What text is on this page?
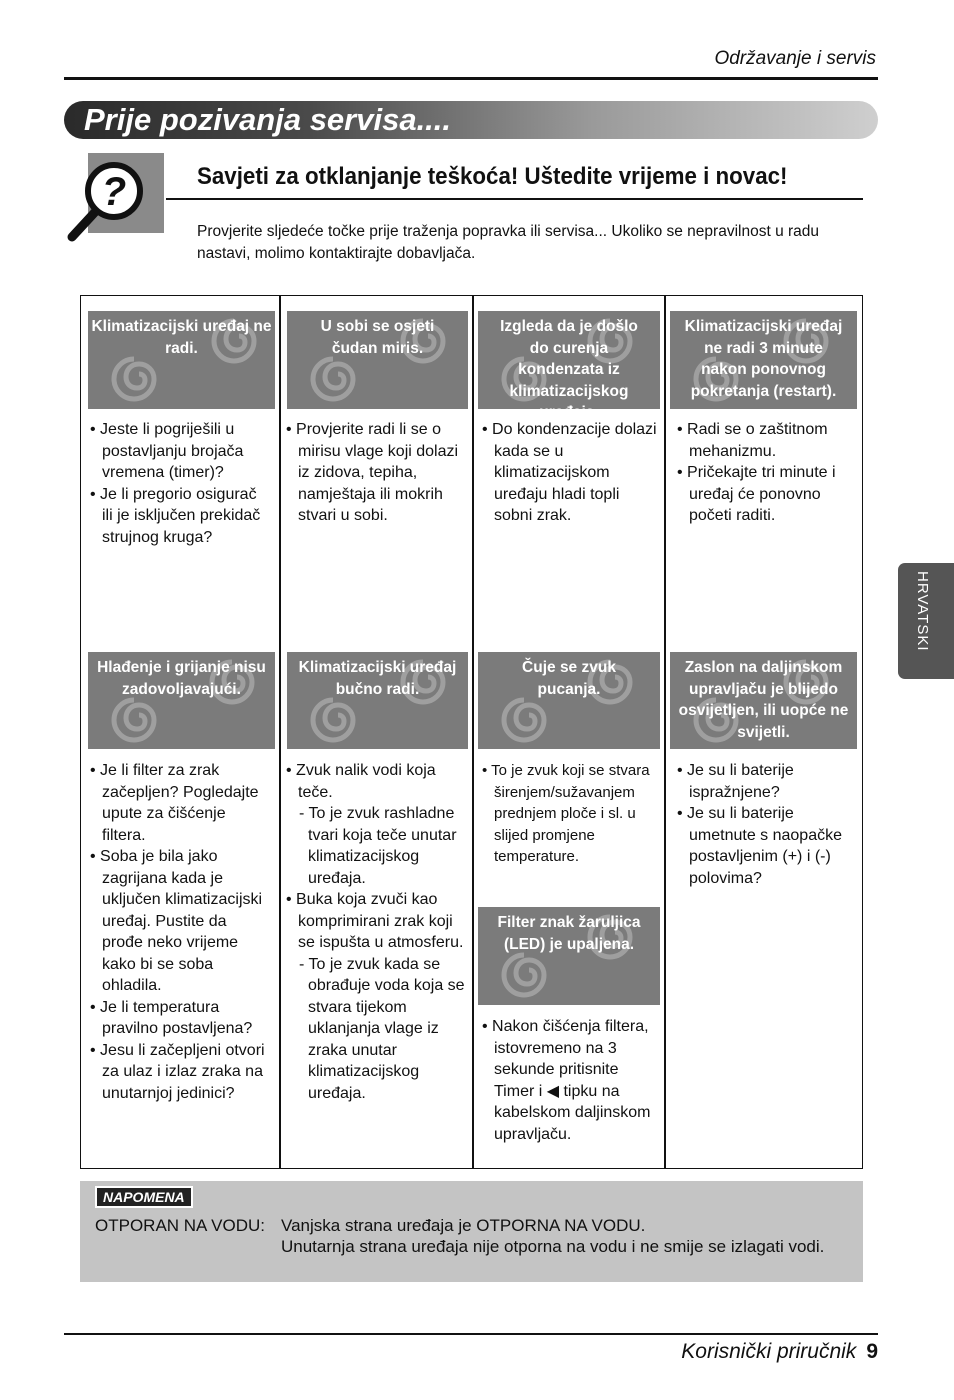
Održavanje i servis
Prije pozivanja servisa....
?	Savjeti za otklanjanje teškoća! Uštedite vrijeme i novac!
Provjerite sljedeće točke prije traženja popravka ili servisa... Ukoliko se nepravilnost u radu nastavi, molimo kontaktirajte dobavljača.
Klimatizacijski uređaj ne radi.
U sobi se osjeti čudan miris.
Izgleda da je došlo do curenja kondenzata iz klimatizacijskog uređaja.
Klimatizacijski uređaj ne radi 3 minute nakon ponovnog pokretanja (restart).
• Jeste li pogriješili u postavljanju brojača vremena (timer)?
• Je li pregorio osigurač ili je isključen prekidač strujnog kruga?
• Provjerite radi li se o mirisu vlage koji dolazi iz zidova, tepiha, namještaja ili mokrih stvari u sobi.
• Do kondenzacije dolazi kada se u klimatizacijskom uređaju hladi topli sobni zrak.
• Radi se o zaštitnom mehanizmu.
• Pričekajte tri minute i uređaj će ponovno početi raditi.
Hlađenje i grijanje nisu zadovoljavajući.
Klimatizacijski uređaj bučno radi.
Čuje se zvuk pucanja.
Zaslon na daljinskom upravljaču je blijedo osvijetljen, ili uopće ne svijetli.
• Je li filter za zrak začepljen? Pogledajte upute za čišćenje filtera.
• Soba je bila jako zagrijana kada je uključen klimatizacijski uređaj. Pustite da prođe neko vrijeme kako bi se soba ohladila.
• Je li temperatura pravilno postavljena?
• Jesu li začepljeni otvori za ulaz i izlaz zraka na unutarnjoj jedinici?
• Zvuk nalik vodi koja teče.
- To je zvuk rashladne tvari koja teče unutar klimatizacijskog uređaja.
• Buka koja zvuči kao komprimirani zrak koji se ispušta u atmosferu.
- To je zvuk kada se obrađuje voda koja se stvara tijekom uklanjanja vlage iz zraka unutar klimatizacijskog uređaja.
• To je zvuk koji se stvara širenjem/sužavanjem prednjem ploče i sl. u slijed promjene temperature.
Filter znak žaruljica (LED) je upaljena.
• Nakon čišćenja filtera, istovremeno na 3 sekunde pritisnite Timer i ◀ tipku na kabelskom daljinskom upravljaču.
• Je su li baterije ispražnjene?
• Je su li baterije umetnute s naopačke postavljenim (+) i (-) polovima?
HRVATSKI
NAPOMENA
OTPORAN NA VODU: Vanjska strana uređaja je OTPORNA NA VODU.
Unutarnja strana uređaja nije otporna na vodu i ne smije se izlagati vodi.
Korisnički priručnik 9
